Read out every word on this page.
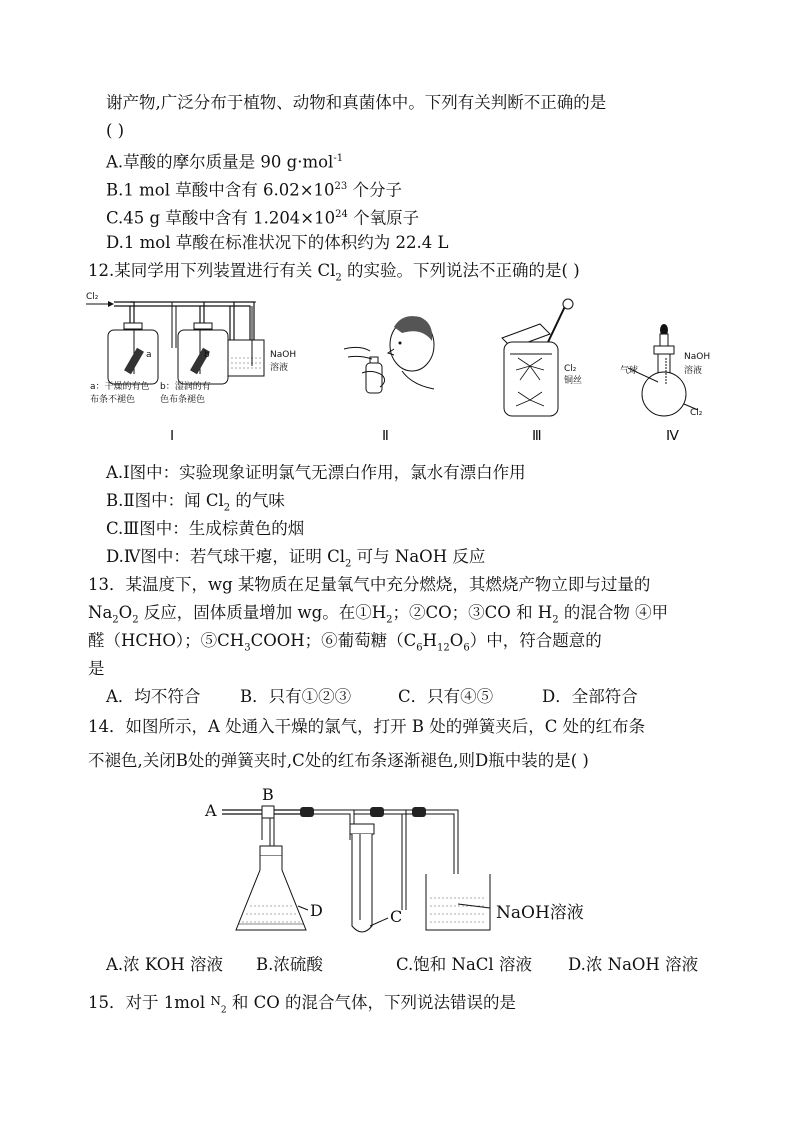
谢产物,广泛分布于植物、动物和真菌体中。下列有关判断不正确的是
( )
A.草酸的摩尔质量是 90 g·mol$^{-1}$
B.1 mol 草酸中含有 $6.02\times 10^{23}$ 个分子
C.45 g 草酸中含有 $1.204\times 10^{24}$ 个氧原子
D.1 mol 草酸在标准状况下的体积约为 22.4 L
12.某同学用下列装置进行有关 $Cl_2$ 的实验。下列说法不正确的是( )
Cl₂
a	b	NaOH
溶液
a：干燥的有色
布条不褪色
b：湿润的有
色布条褪色
Cl₂
铜丝
NaOH
溶液
气球
Cl₂
Ⅰ	Ⅱ	Ⅲ	Ⅳ
A.Ⅰ图中：实验现象证明氯气无漂白作用，氯水有漂白作用
B.Ⅱ图中：闻 $Cl_2$ 的气味
C.Ⅲ图中：生成棕黄色的烟
D.Ⅳ图中：若气球干瘪，证明 $Cl_2$ 可与 NaOH 反应
13．某温度下，wg 某物质在足量氧气中充分燃烧，其燃烧产物立即与过量的
$Na_2O_2$ 反应，固体质量增加 wg。在$①H_2$；②CO；③CO 和 $H_2$ 的混合物 ④甲
醛（HCHO）；$⑤CH_3COOH$；⑥葡萄糖$(C_6H_{12}O_6)$中，符合题意的
是
A．均不符合 B．只有①②③	C．只有④⑤	D．全部符合
14．如图所示，A 处通入干燥的氯气，打开 B 处的弹簧夹后，C 处的红布条
不褪色,关闭B处的弹簧夹时,C处的红布条逐渐褪色,则D瓶中装的是( )
A
B
C
D	NaOH溶液
A.浓 KOH 溶液 B.浓硫酸	C.饱和 NaCl 溶液 D.浓 NaOH 溶液
15．对于 1mol $N_2$ 和 CO 的混合气体，下列说法错误的是
